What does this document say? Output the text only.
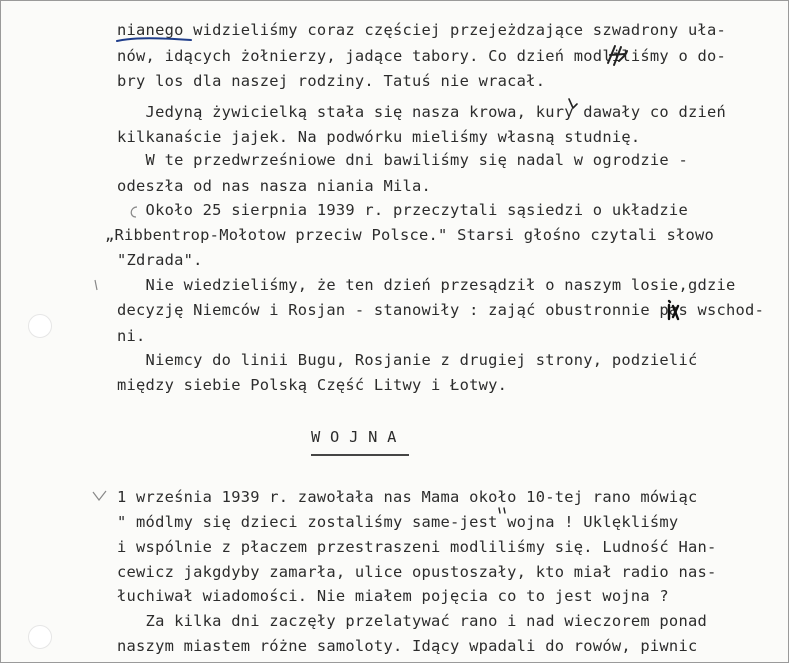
nianego widzieliśmy coraz częściej przejeżdzające szwadrony uła-

nów, idących żołnierzy, jadące tabory. Co dzień modliliśmy o do-

bry los dla naszej rodziny. Tatuś nie wracał.

Jedyną żywicielką stała się nasza krowa, kury dawały co dzień

kilkanaście jajek. Na podwórku mieliśmy własną studnię.

W te przedwrześniowe dni bawiliśmy się nadal w ogrodzie -

odeszła od nas nasza niania Mila.

Około 25 sierpnia 1939 r. przeczytali sąsiedzi o układzie

„Ribbentrop-Mołotow przeciw Polsce." Starsi głośno czytali słowo

"Zdrada".

Nie wiedzieliśmy, że ten dzień przesądził o naszym losie,gdzie

decyzję Niemców i Rosjan - stanowiły : zająć obustronnie pas wschod-

ni.

Niemcy do linii Bugu, Rosjanie z drugiej strony, podzielić

między siebie Polską Część Litwy i Łotwy.

W O J N A

1 września 1939 r. zawołała nas Mama około 10-tej rano mówiąc

" módlmy się dzieci zostaliśmy same-jest wojna ! Uklękliśmy

i wspólnie z płaczem przestraszeni modliliśmy się. Ludność Han-

cewicz jakgdyby zamarła, ulice opustoszały, kto miał radio nas-

łuchiwał wiadomości. Nie miałem pojęcia co to jest wojna ?

Za kilka dni zaczęły przelatywać rano i nad wieczorem ponad

naszym miastem różne samoloty. Idący wpadali do rowów, piwnic
